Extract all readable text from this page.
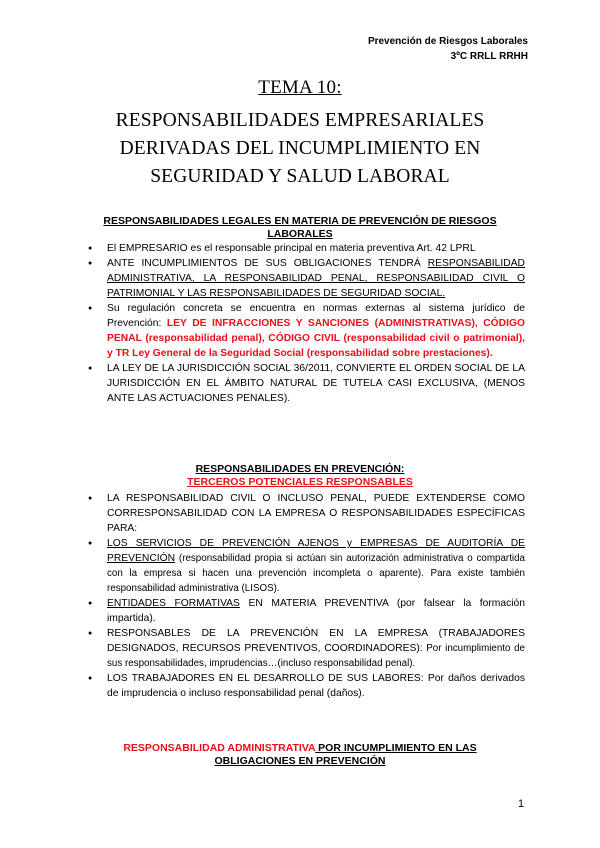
Prevención de Riesgos Laborales
3ºC RRLL RRHH
TEMA 10:
RESPONSABILIDADES EMPRESARIALES
DERIVADAS DEL INCUMPLIMIENTO EN
SEGURIDAD Y SALUD LABORAL
RESPONSABILIDADES LEGALES EN MATERIA DE PREVENCIÓN DE RIESGOS LABORALES
● El EMPRESARIO es el responsable principal en materia preventiva Art. 42 LPRL
● ANTE INCUMPLIMIENTOS DE SUS OBLIGACIONES TENDRÁ RESPONSABILIDAD ADMINISTRATIVA, LA RESPONSABILIDAD PENAL, RESPONSABILIDAD CIVIL O PATRIMONIAL Y LAS RESPONSABILIDADES DE SEGURIDAD SOCIAL.
● Su regulación concreta se encuentra en normas externas al sistema jurídico de Prevención: LEY DE INFRACCIONES Y SANCIONES (ADMINISTRATIVAS), CÓDIGO PENAL (responsabilidad penal), CÓDIGO CIVIL (responsabilidad civil o patrimonial), y TR Ley General de la Seguridad Social (responsabilidad sobre prestaciones).
● LA LEY DE LA JURISDICCIÓN SOCIAL 36/2011, CONVIERTE EL ORDEN SOCIAL DE LA JURISDICCIÓN EN EL ÁMBITO NATURAL DE TUTELA CASI EXCLUSIVA, (MENOS ANTE LAS ACTUACIONES PENALES).
RESPONSABILIDADES EN PREVENCIÓN:
TERCEROS POTENCIALES RESPONSABLES
● LA RESPONSABILIDAD CIVIL O INCLUSO PENAL, PUEDE EXTENDERSE COMO CORRESPONSABILIDAD CON LA EMPRESA O RESPONSABILIDADES ESPECÍFICAS PARA:
● LOS SERVICIOS DE PREVENCIÓN AJENOS y EMPRESAS DE AUDITORÍA DE PREVENCIÓN (responsabilidad propia si actúan sin autorización administrativa o compartida con la empresa si hacen una prevención incompleta o aparente). Para existe también responsabilidad administrativa (LISOS).
● ENTIDADES FORMATIVAS EN MATERIA PREVENTIVA (por falsear la formación impartida).
● RESPONSABLES DE LA PREVENCIÓN EN LA EMPRESA (TRABAJADORES DESIGNADOS, RECURSOS PREVENTIVOS, COORDINADORES): Por incumplimiento de sus responsabilidades, imprudencias…(incluso responsabilidad penal).
● LOS TRABAJADORES EN EL DESARROLLO DE SUS LABORES: Por daños derivados de imprudencia o incluso responsabilidad penal (daños).
RESPONSABILIDAD ADMINISTRATIVA POR INCUMPLIMIENTO EN LAS OBLIGACIONES EN PREVENCIÓN
1
